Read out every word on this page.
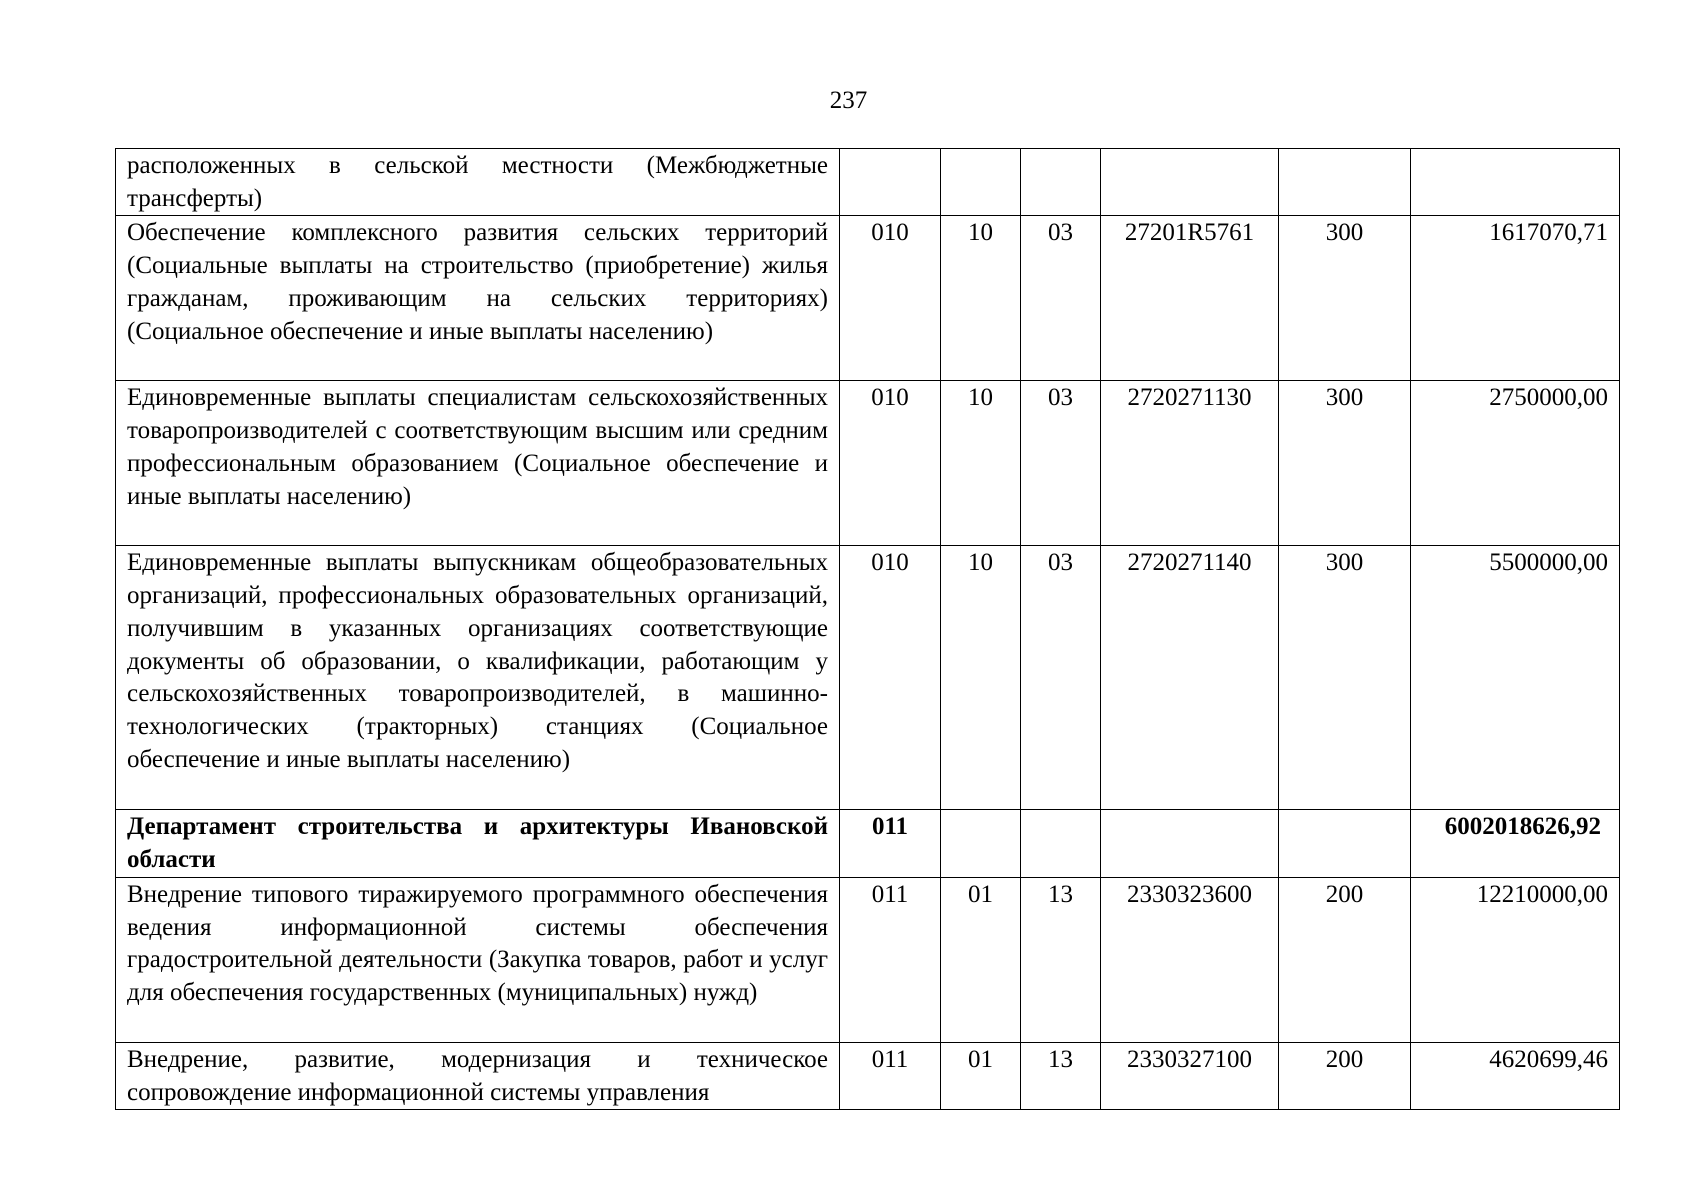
237
расположенных в сельской местности (Межбюджетные трансферты)						
Обеспечение комплексного развития сельских территорий (Социальные выплаты на строительство (приобретение) жилья гражданам, проживающим на сельских территориях) (Социальное обеспечение и иные выплаты населению)	010	10	03	27201R5761	300	1617070,71
Единовременные выплаты специалистам сельскохозяйственных товаропроизводителей с соответствующим высшим или средним профессиональным образованием (Социальное обеспечение и иные выплаты населению)	010	10	03	2720271130	300	2750000,00
Единовременные выплаты выпускникам общеобразовательных организаций, профессиональных образовательных организаций, получившим в указанных организациях соответствующие документы об образовании, о квалификации, работающим у сельскохозяйственных товаропроизводителей, в машинно-технологических (тракторных) станциях (Социальное обеспечение и иные выплаты населению)	010	10	03	2720271140	300	5500000,00
Департамент строительства и архитектуры Ивановской области	011					6002018626,92
Внедрение типового тиражируемого программного обеспечения ведения информационной системы обеспечения градостроительной деятельности (Закупка товаров, работ и услуг для обеспечения государственных (муниципальных) нужд)	011	01	13	2330323600	200	12210000,00
Внедрение, развитие, модернизация и техническое сопровождение информационной системы управления	011	01	13	2330327100	200	4620699,46
